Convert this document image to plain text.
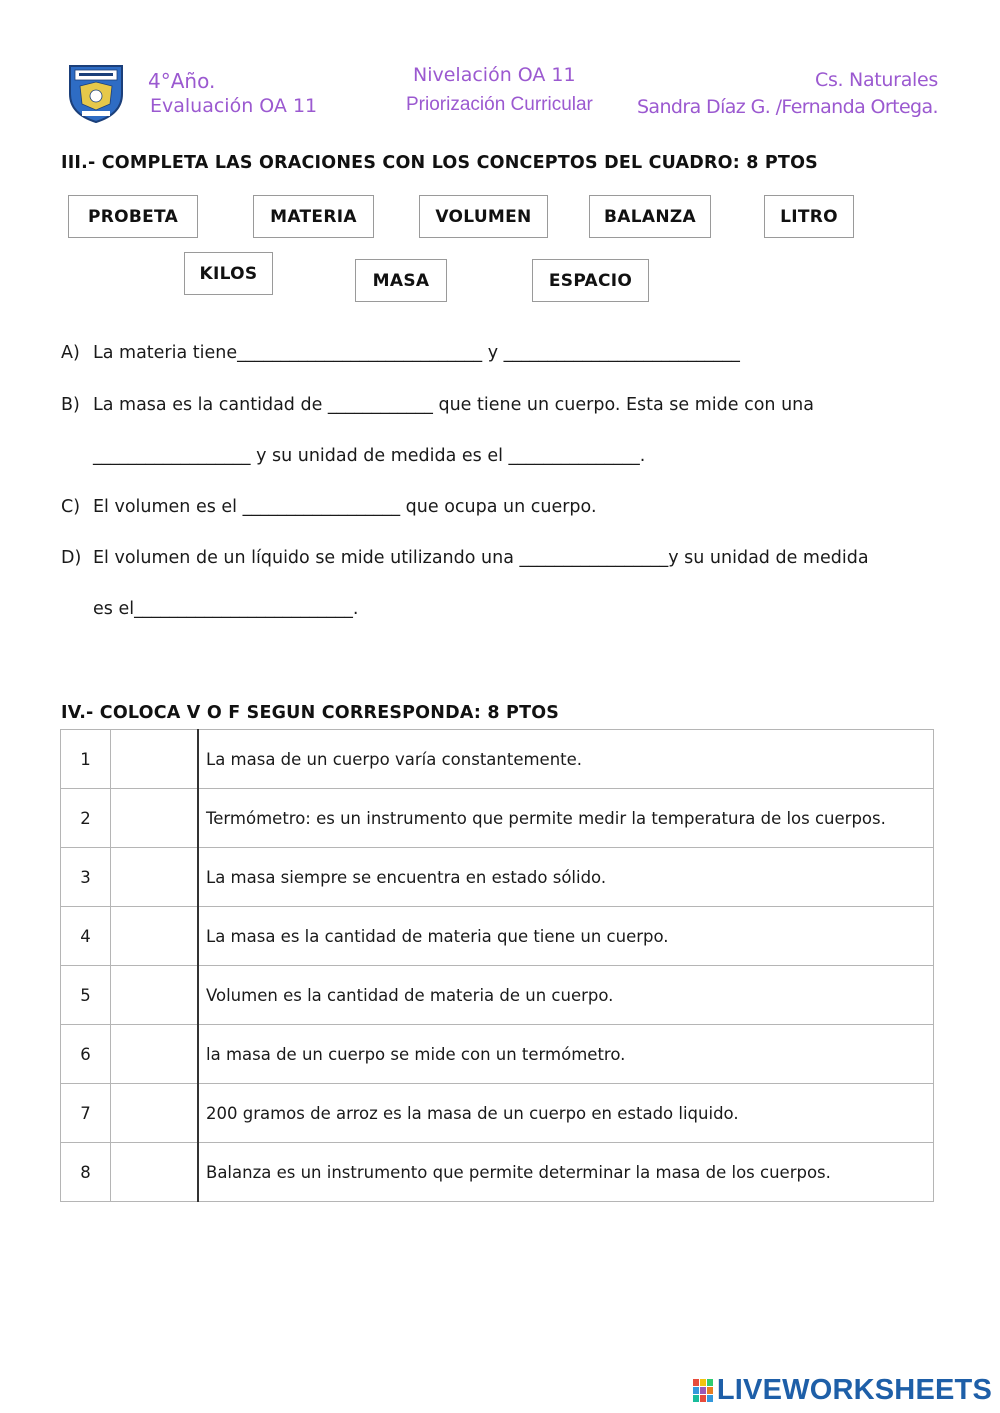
4°Año.
Evaluación OA 11
Nivelación OA 11
Priorización Curricular
Cs. Naturales
Sandra Díaz G. /Fernanda Ortega.
III.- COMPLETA LAS ORACIONES CON LOS CONCEPTOS DEL CUADRO: 8 PTOS
PROBETA	MATERIA	VOLUMEN	BALANZA	LITRO
KILOS	MASA	ESPACIO
A) La materia tiene____________________________ y ___________________________
B) La masa es la cantidad de ____________ que tiene un cuerpo. Esta se mide con una
__________________ y su unidad de medida es el _______________.
C) El volumen es el __________________ que ocupa un cuerpo.
D) El volumen de un líquido se mide utilizando una _________________y su unidad de medida
es el_________________________.
IV.- COLOCA V O F SEGUN CORRESPONDA: 8 PTOS
1		La masa de un cuerpo varía constantemente.
2		Termómetro: es un instrumento que permite medir la temperatura de los cuerpos.
3		La masa siempre se encuentra en estado sólido.
4		La masa es la cantidad de materia que tiene un cuerpo.
5		Volumen es la cantidad de materia de un cuerpo.
6		la masa de un cuerpo se mide con un termómetro.
7		200 gramos de arroz es la masa de un cuerpo en estado liquido.
8		Balanza es un instrumento que permite determinar la masa de los cuerpos.
LIVEWORKSHEETS
